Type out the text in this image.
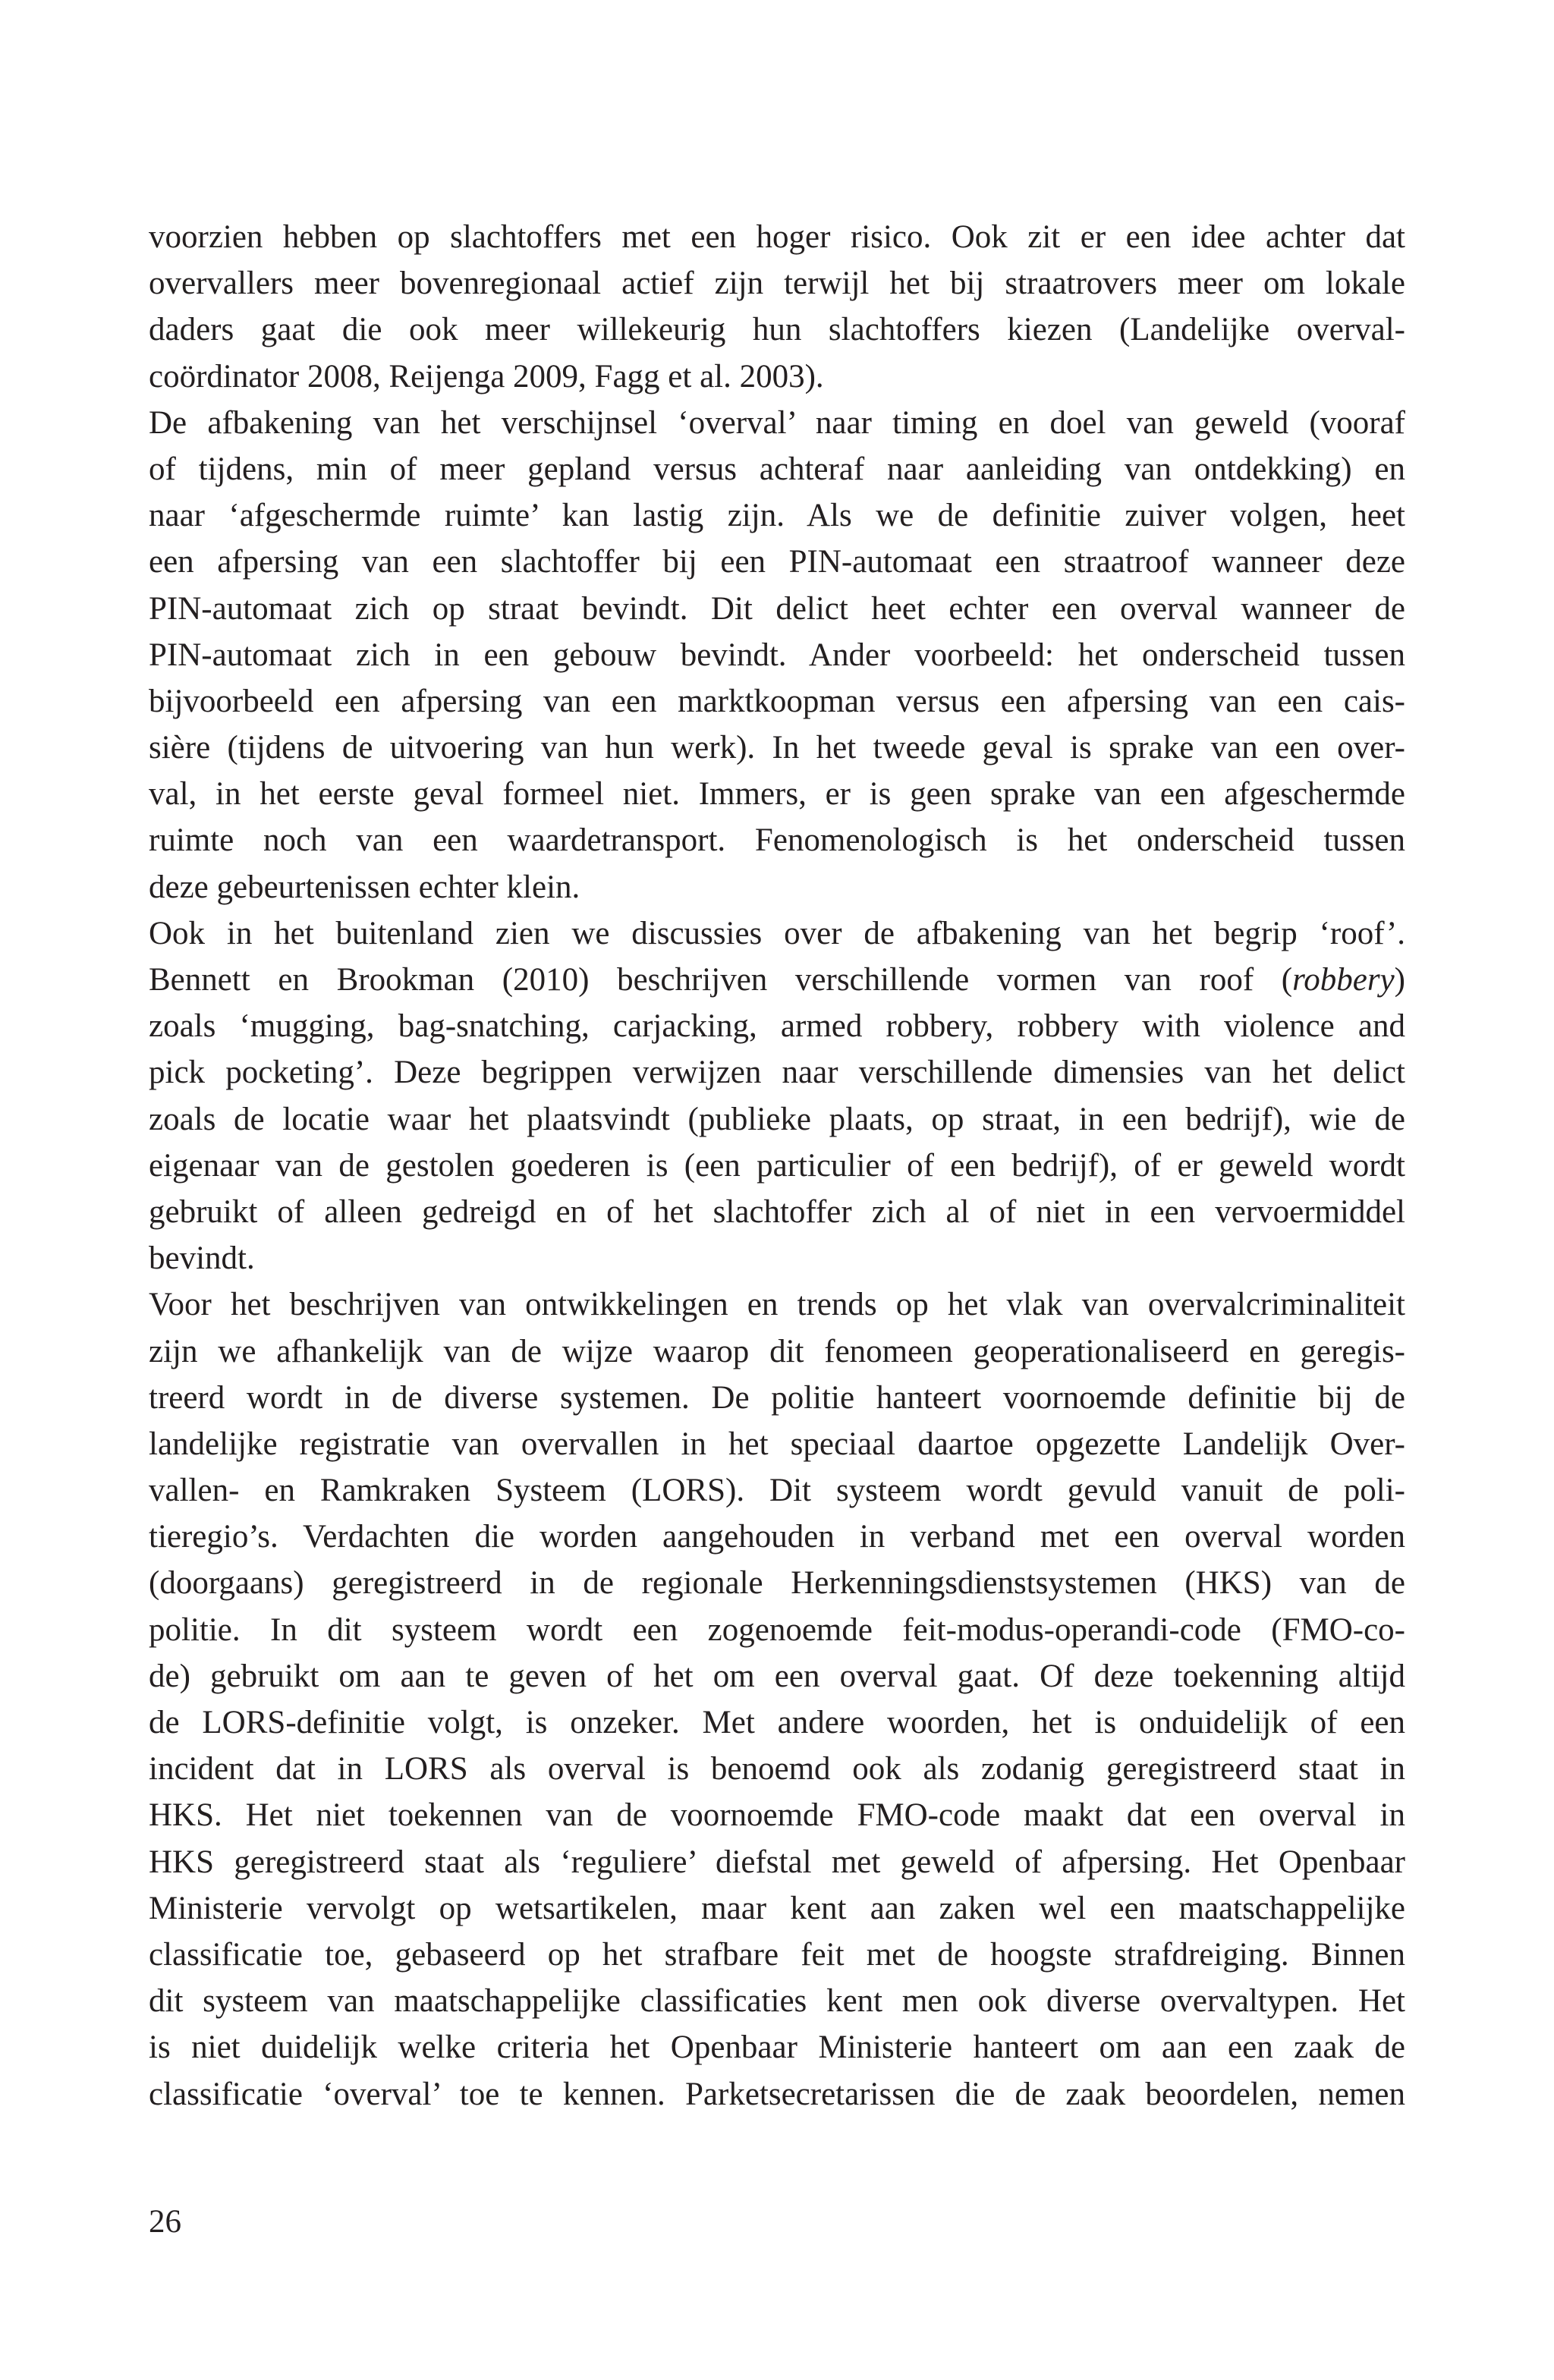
voorzien hebben op slachtoffers met een hoger risico. Ook zit er een idee achter dat
overvallers meer bovenregionaal actief zijn terwijl het bij straatrovers meer om lokale
daders gaat die ook meer willekeurig hun slachtoffers kiezen (Landelijke overval-
coördinator 2008, Reijenga 2009, Fagg et al. 2003).
De afbakening van het verschijnsel ‘overval’ naar timing en doel van geweld (vooraf
of tijdens, min of meer gepland versus achteraf naar aanleiding van ontdekking) en
naar ‘afgeschermde ruimte’ kan lastig zijn. Als we de definitie zuiver volgen, heet
een afpersing van een slachtoffer bij een PIN-automaat een straatroof wanneer deze
PIN-automaat zich op straat bevindt. Dit delict heet echter een overval wanneer de
PIN-automaat zich in een gebouw bevindt. Ander voorbeeld: het onderscheid tussen
bijvoorbeeld een afpersing van een marktkoopman versus een afpersing van een cais-
sière (tijdens de uitvoering van hun werk). In het tweede geval is sprake van een over-
val, in het eerste geval formeel niet. Immers, er is geen sprake van een afgeschermde
ruimte noch van een waardetransport. Fenomenologisch is het onderscheid tussen
deze gebeurtenissen echter klein.
Ook in het buitenland zien we discussies over de afbakening van het begrip ‘roof’.
Bennett en Brookman (2010) beschrijven verschillende vormen van roof (robbery)
zoals ‘mugging, bag-snatching, carjacking, armed robbery, robbery with violence and
pick pocketing’. Deze begrippen verwijzen naar verschillende dimensies van het delict
zoals de locatie waar het plaatsvindt (publieke plaats, op straat, in een bedrijf), wie de
eigenaar van de gestolen goederen is (een particulier of een bedrijf), of er geweld wordt
gebruikt of alleen gedreigd en of het slachtoffer zich al of niet in een vervoermiddel
bevindt.
Voor het beschrijven van ontwikkelingen en trends op het vlak van overvalcriminaliteit
zijn we afhankelijk van de wijze waarop dit fenomeen geoperationaliseerd en geregis-
treerd wordt in de diverse systemen. De politie hanteert voornoemde definitie bij de
landelijke registratie van overvallen in het speciaal daartoe opgezette Landelijk Over-
vallen- en Ramkraken Systeem (LORS). Dit systeem wordt gevuld vanuit de poli-
tieregio’s. Verdachten die worden aangehouden in verband met een overval worden
(doorgaans) geregistreerd in de regionale Herkenningsdienstsystemen (HKS) van de
politie. In dit systeem wordt een zogenoemde feit-modus-operandi-code (FMO-co-
de) gebruikt om aan te geven of het om een overval gaat. Of deze toekenning altijd
de LORS-definitie volgt, is onzeker. Met andere woorden, het is onduidelijk of een
incident dat in LORS als overval is benoemd ook als zodanig geregistreerd staat in
HKS. Het niet toekennen van de voornoemde FMO-code maakt dat een overval in
HKS geregistreerd staat als ‘reguliere’ diefstal met geweld of afpersing. Het Openbaar
Ministerie vervolgt op wetsartikelen, maar kent aan zaken wel een maatschappelijke
classificatie toe, gebaseerd op het strafbare feit met de hoogste strafdreiging. Binnen
dit systeem van maatschappelijke classificaties kent men ook diverse overvaltypen. Het
is niet duidelijk welke criteria het Openbaar Ministerie hanteert om aan een zaak de
classificatie ‘overval’ toe te kennen. Parketsecretarissen die de zaak beoordelen, nemen
26
